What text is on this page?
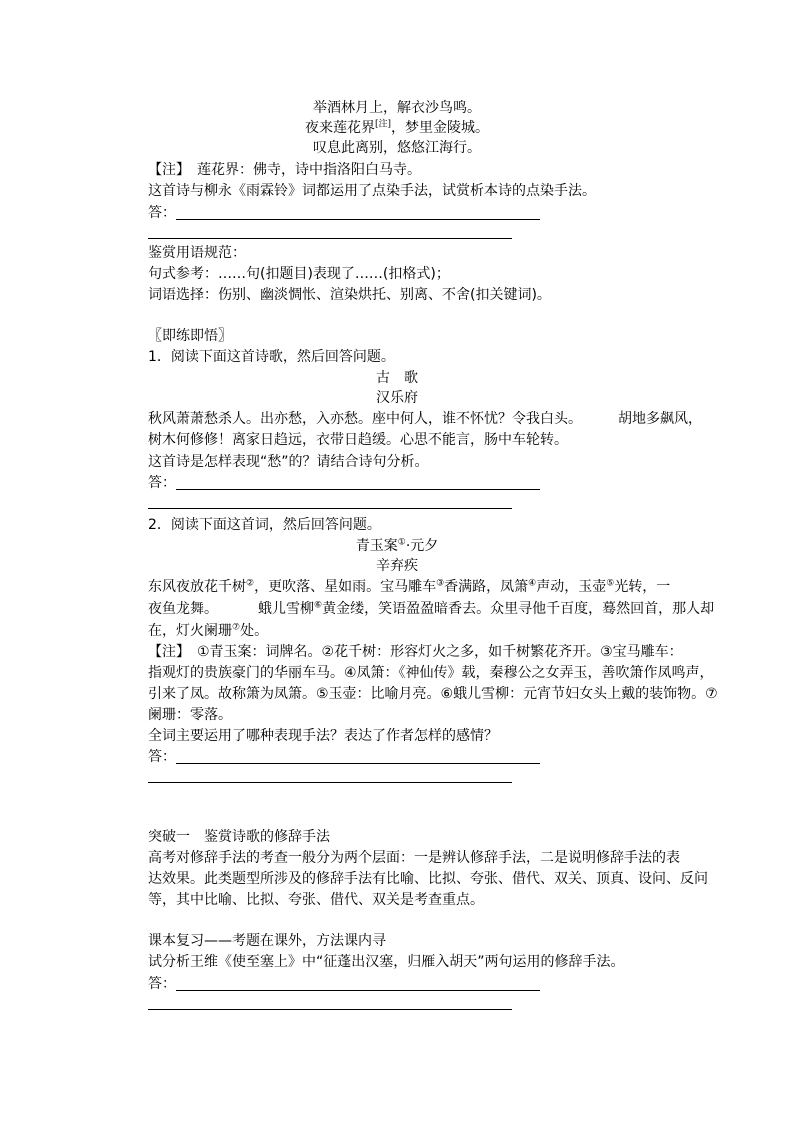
举酒林月上，解衣沙鸟鸣。
夜来莲花界[注]，梦里金陵城。
叹息此离别，悠悠江海行。
【注】　莲花界：佛寺，诗中指洛阳白马寺。
这首诗与柳永《雨霖铃》词都运用了点染手法，试赏析本诗的点染手法。
答：
鉴赏用语规范：
句式参考：……句(扣题目)表现了……(扣格式)；
词语选择：伤别、幽淡惆怅、渲染烘托、别离、不舍(扣关键词)。
〖即练即悟〗
1．阅读下面这首诗歌，然后回答问题。
古　歌
汉乐府
秋风萧萧愁杀人。出亦愁，入亦愁。座中何人，谁不怀忧？令我白头。	胡地多飙风，
树木何修修！离家日趋远，衣带日趋缓。心思不能言，肠中车轮转。
这首诗是怎样表现“愁”的？请结合诗句分析。
答：
2．阅读下面这首词，然后回答问题。
青玉案①·元夕
辛弃疾
东风夜放花千树②，更吹落、星如雨。宝马雕车③香满路，凤箫④声动，玉壶⑤光转，一
夜鱼龙舞。	蛾儿雪柳⑥黄金缕，笑语盈盈暗香去。众里寻他千百度，蓦然回首，那人却
在，灯火阑珊⑦处。
【注】　①青玉案：词牌名。②花千树：形容灯火之多，如千树繁花齐开。③宝马雕车：
指观灯的贵族豪门的华丽车马。④凤箫：《神仙传》载，秦穆公之女弄玉，善吹箫作凤鸣声，
引来了凤。故称箫为凤箫。⑤玉壶：比喻月亮。⑥蛾儿雪柳：元宵节妇女头上戴的装饰物。⑦
阑珊：零落。
全词主要运用了哪种表现手法？表达了作者怎样的感情？
答：
突破一　鉴赏诗歌的修辞手法
高考对修辞手法的考查一般分为两个层面：一是辨认修辞手法，二是说明修辞手法的表
达效果。此类题型所涉及的修辞手法有比喻、比拟、夸张、借代、双关、顶真、设问、反问
等，其中比喻、比拟、夸张、借代、双关是考查重点。
课本复习——考题在课外，方法课内寻
试分析王维《使至塞上》中“征蓬出汉塞，归雁入胡天”两句运用的修辞手法。
答：
